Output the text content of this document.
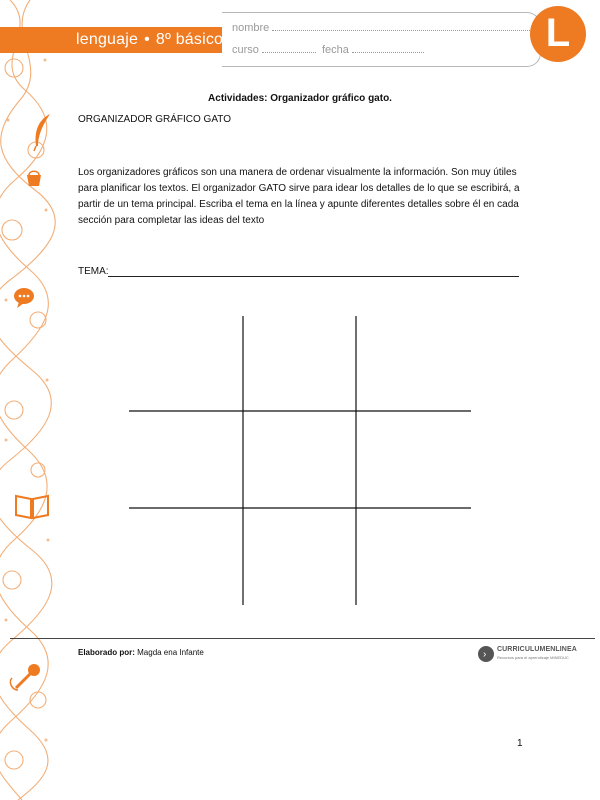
lenguaje • 8º básico
nombre
curso	fecha	L
Actividades: Organizador gráfico gato.
ORGANIZADOR GRÁFICO GATO
Los organizadores gráficos son una manera de ordenar visualmente la información. Son muy útiles para planificar los textos. El organizador GATO sirve para idear los detalles de lo que se escribirá, a partir de un tema principal. Escriba el tema en la línea y apunte diferentes detalles sobre él en cada sección para completar las ideas del texto
TEMA:
Elaborado por: Magda ena Infante	› CURRICULUMENLINEA
Recursos para el aprendizaje MINEDUC
1
